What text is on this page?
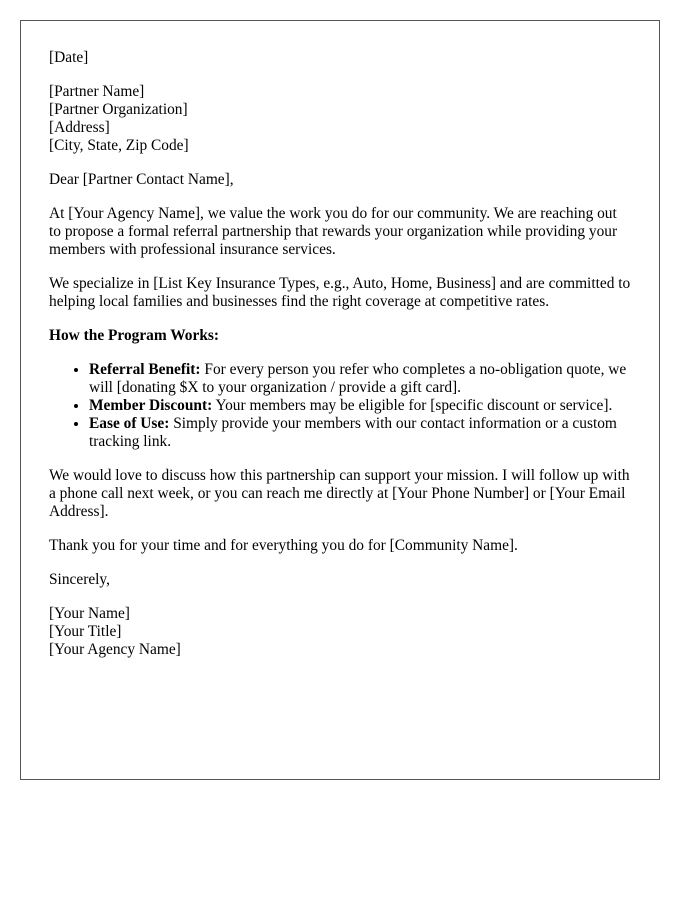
[Date]
[Partner Name]
[Partner Organization]
[Address]
[City, State, Zip Code]

Dear [Partner Contact Name],

At [Your Agency Name], we value the work you do for our community. We are reaching out to propose a formal referral partnership that rewards your organization while providing your members with professional insurance services.

We specialize in [List Key Insurance Types, e.g., Auto, Home, Business] and are committed to helping local families and businesses find the right coverage at competitive rates.

How the Program Works:
• Referral Benefit: For every person you refer who completes a no-obligation quote, we will [donating $X to your organization / provide a gift card].
• Member Discount: Your members may be eligible for [specific discount or service].
• Ease of Use: Simply provide your members with our contact information or a custom tracking link.

We would love to discuss how this partnership can support your mission. I will follow up with a phone call next week, or you can reach me directly at [Your Phone Number] or [Your Email Address].

Thank you for your time and for everything you do for [Community Name].

Sincerely,

[Your Name]
[Your Title]
[Your Agency Name]
